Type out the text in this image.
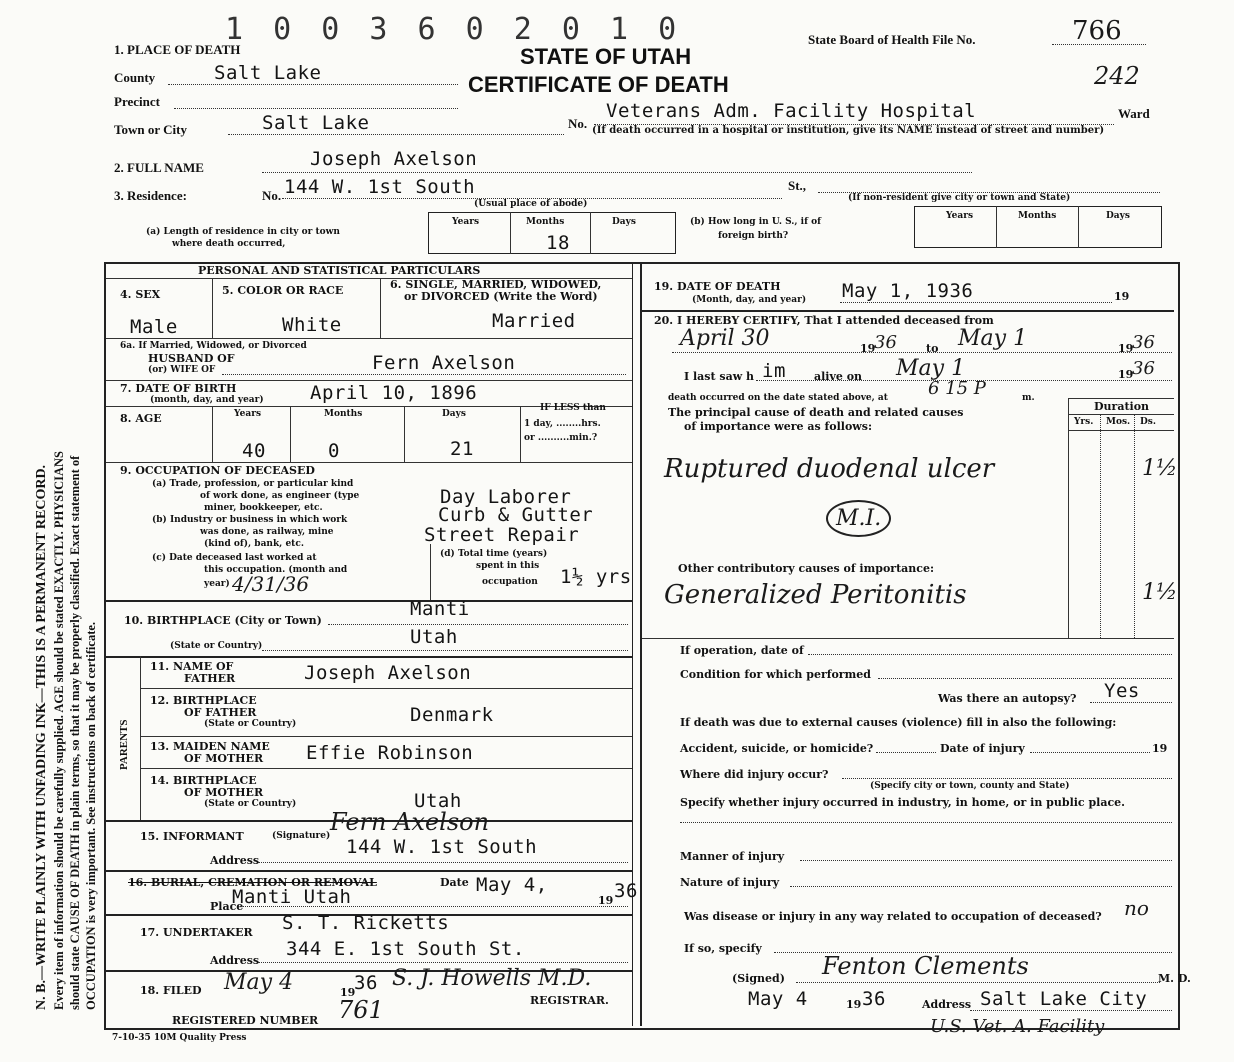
N. B.—WRITE PLAINLY WITH UNFADING INK—THIS IS A PERMANENT RECORD. Every item of information should be carefully supplied. AGE should be stated EXACTLY. PHYSICIANS should state CAUSE OF DEATH in plain terms, so that it may be properly classified. Exact statement of OCCUPATION is very important. See instructions on back of certificate.
1 0 0 3 6 0 2 0 1 0
STATE OF UTAH
CERTIFICATE OF DEATH
State Board of Health File No.	766
242
1. PLACE OF DEATH
County	Salt Lake
Precinct
Town or City	Salt Lake	No.
Veterans Adm. Facility Hospital	Ward
(If death occurred in a hospital or institution, give its NAME instead of street and number)
2. FULL NAME	Joseph Axelson
3. Residence:	No. 144 W. 1st South	St.,
(Usual place of abode)
(If non-resident give city or town and State)
(a) Length of residence in city or town
where death occurred,
Years	Months	Days
18
(b) How long in U. S., if of
foreign birth?
Years	Months	Days
PERSONAL AND STATISTICAL PARTICULARS
4. SEX
Male
5. COLOR OR RACE
White
6. SINGLE, MARRIED, WIDOWED,
or DIVORCED (Write the Word)
Married
6a. If Married, Widowed, or Divorced
HUSBAND OF
(or) WIFE OF	Fern Axelson
7. DATE OF BIRTH
(month, day, and year) April 10, 1896
8. AGE	Years	Months	Days
40	0	21
IF LESS than
1 day, ........hrs.
or ..........min.?
9. OCCUPATION OF DECEASED
(a) Trade, profession, or particular kind
of work done, as engineer (type
miner, bookkeeper, etc.
(b) Industry or business in which work
was done, as railway, mine
(kind of), bank, etc.
(c) Date deceased last worked at
this occupation. (month and
year)
Day Laborer
Curb & Gutter
Street Repair
4/31/36
(d) Total time (years)
spent in this
occupation 1½ yrs
10. BIRTHPLACE (City or Town)
Manti
(State or Country)	Utah
PARENTS
11. NAME OF
FATHER	Joseph Axelson
12. BIRTHPLACE
OF FATHER
(State or Country)	Denmark
13. MAIDEN NAME
OF MOTHER Effie Robinson
14. BIRTHPLACE
OF MOTHER
(State or Country)	Utah
15. INFORMANT	(Signature) Fern Axelson
Address
144 W. 1st South
16. BURIAL, CREMATION OR REMOVAL	Date May 4,
19 36
Place
Manti Utah
17. UNDERTAKER S. T. Ricketts
Address
344 E. 1st South St.
18. FILED May 4	19
36 S. J. Howells M.D.
REGISTRAR.
REGISTERED NUMBER 761
7-10-35 10M Quality Press
19. DATE OF DEATH
(Month, day, and year) May 1, 1936	19
20. I HEREBY CERTIFY, That I attended deceased from
April 30	19
36	to May 1	19
36
I last saw h im	alive on May 1	19
36
death occurred on the date stated above, at 6 15 P	m.
The principal cause of death and related causes
of importance were as follows:
Duration
Yrs. Mos. Ds.
Ruptured duodenal ulcer	1½
M.I.
Other contributory causes of importance:
Generalized Peritonitis	1½
If operation, date of
Condition for which performed
Was there an autopsy? Yes
If death was due to external causes (violence) fill in also the following:
Accident, suicide, or homicide?	Date of injury	19
Where did injury occur?
(Specify city or town, county and State)
Specify whether injury occurred in industry, in home, or in public place.
Manner of injury
Nature of injury
Was disease or injury in any way related to occupation of deceased? no
If so, specify
(Signed) Fenton Clements	M. D.
May 4	19 36	Address Salt Lake City
U.S. Vet. A. Facility
